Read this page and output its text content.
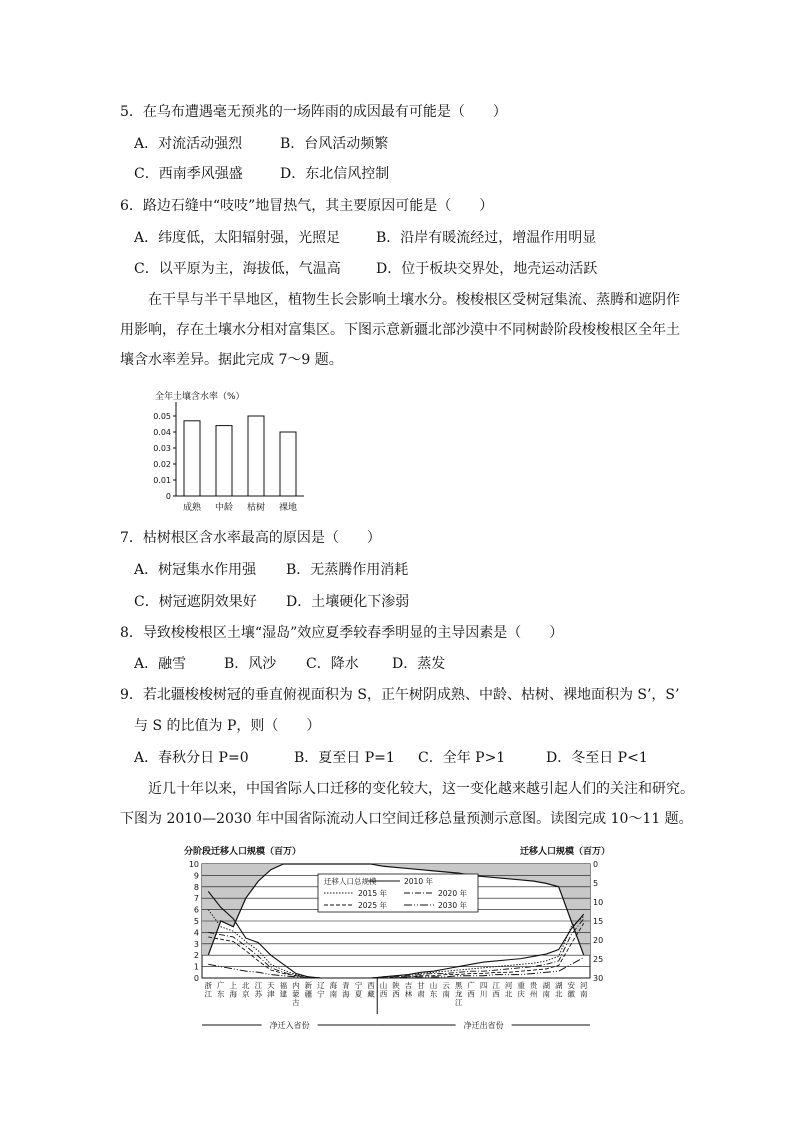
5．在乌布遭遇毫无预兆的一场阵雨的成因最有可能是（　　）
A．对流活动强烈	B．台风活动频繁
C．西南季风强盛	D．东北信风控制
6．路边石缝中“吱吱”地冒热气，其主要原因可能是（　　）
A．纬度低，太阳辐射强，光照足	B．沿岸有暖流经过，增温作用明显
C．以平原为主，海拔低，气温高	D．位于板块交界处，地壳运动活跃
在干旱与半干旱地区，植物生长会影响土壤水分。梭梭根区受树冠集流、蒸腾和遮阴作
用影响，存在土壤水分相对富集区。下图示意新疆北部沙漠中不同树龄阶段梭梭根区全年土
壤含水率差异。据此完成 7～9 题。
全年土壤含水率（%）
0.05
0.04
0.03
0.02
0.01
0
成熟 中龄 枯树 裸地
7．枯树根区含水率最高的原因是（　　）
A．树冠集水作用强 B．无蒸腾作用消耗
C．树冠遮阴效果好 D．土壤硬化下渗弱
8．导致梭梭根区土壤“湿岛”效应夏季较春季明显的主导因素是（　　）
A．融雪	B．风沙 C．降水 D．蒸发
9．若北疆梭梭树冠的垂直俯视面积为 S，正午树阴成熟、中龄、枯树、裸地面积为 S’，S’
与 S 的比值为 P，则（　　）
A．春秋分日 P=0	B．夏至日 P=1 C．全年 P>1	D．冬至日 P<1
近几十年以来，中国省际人口迁移的变化较大，这一变化越来越引起人们的关注和研究。
下图为 2010—2030 年中国省际流动人口空间迁移总量预测示意图。读图完成 10～11 题。
分阶段迁移人口规模（百万）	迁移人口规模（百万）
10
9
8
7
6
5
4
3
2
1
0
0
5
10
15
20
25
30
浙江
广东
上海
北京
江苏
天津
福建
内蒙古
新疆
辽宁
海南
青海
宁夏
西藏
山西
陕西
吉林
甘肃
山东
云南
黑龙江
广西
四川
江西
河北
重庆
贵州
湖南
湖北
安徽
河南
迁移人口总规模	2010 年
2015 年	2020 年
2025 年	2030 年
净迁入省份	净迁出省份
